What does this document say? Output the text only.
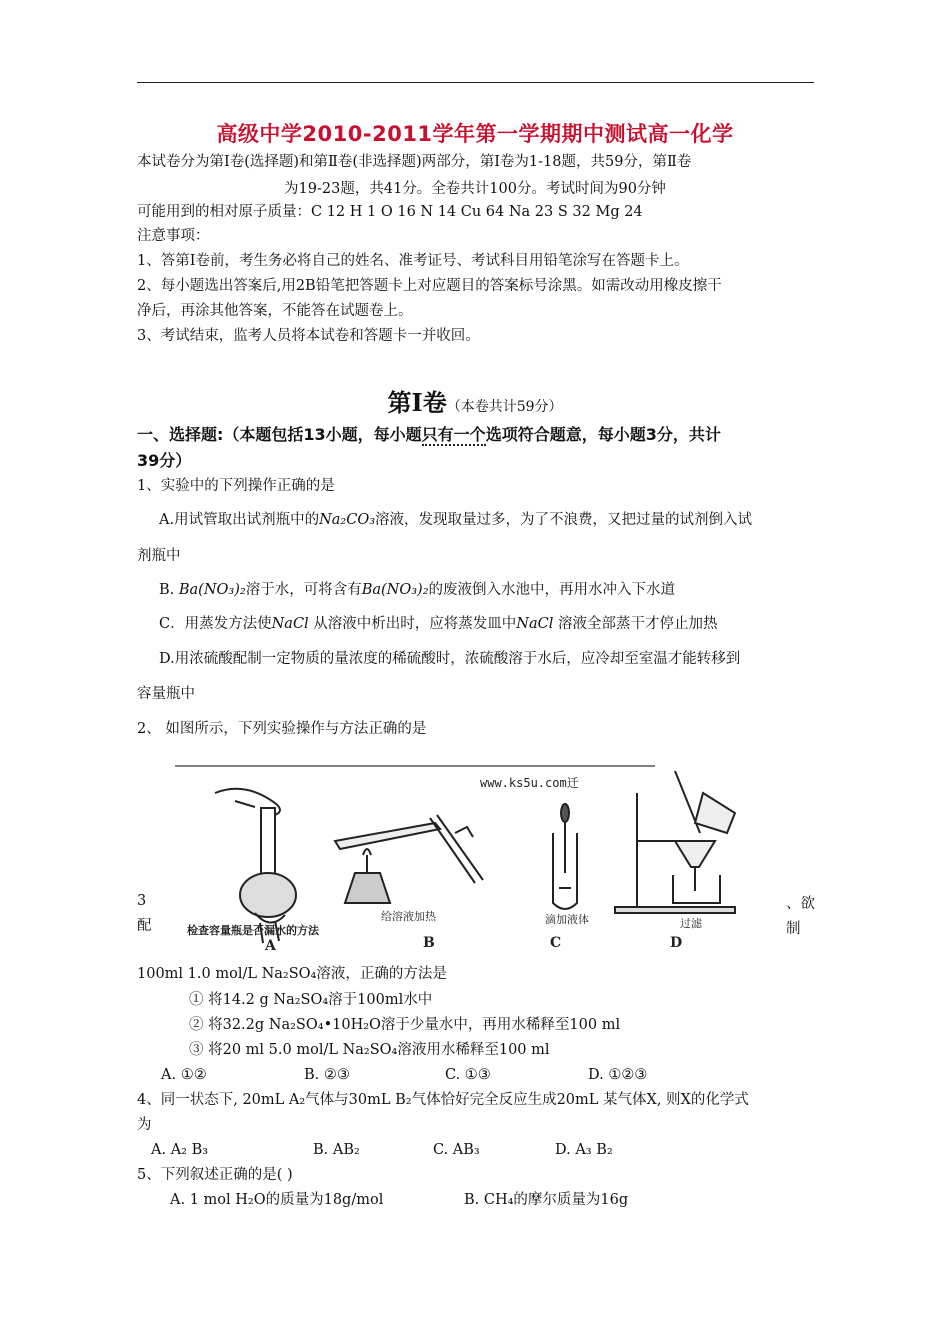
高级中学2010-2011学年第一学期期中测试高一化学
本试卷分为第Ⅰ卷(选择题)和第Ⅱ卷(非选择题)两部分，第Ⅰ卷为1-18题，共59分，第Ⅱ卷
为19-23题，共41分。全卷共计100分。考试时间为90分钟
可能用到的相对原子质量：C 12 H 1 O 16 N 14 Cu 64 Na 23 S 32 Mg 24
注意事项：
1、答第Ⅰ卷前，考生务必将自己的姓名、准考证号、考试科目用铅笔涂写在答题卡上。
2、每小题选出答案后,用2B铅笔把答题卡上对应题目的答案标号涂黑。如需改动用橡皮擦干
净后，再涂其他答案，不能答在试题卷上。
3、考试结束，监考人员将本试卷和答题卡一并收回。
第Ⅰ卷（本卷共计59分）
一、选择题:（本题包括13小题，每小题只有一个选项符合题意，每小题3分，共计
39分）
1、实验中的下列操作正确的是
A.用试管取出试剂瓶中的Na₂CO₃溶液，发现取量过多，为了不浪费，又把过量的试剂倒入试
剂瓶中
B. Ba(NO₃)₂溶于水，可将含有Ba(NO₃)₂的废液倒入水池中，再用水冲入下水道
C．用蒸发方法使NaCl 从溶液中析出时，应将蒸发皿中NaCl 溶液全部蒸干才停止加热
D.用浓硫酸配制一定物质的量浓度的稀硫酸时，浓硫酸溶于水后，应冷却至室温才能转移到
容量瓶中
2、 如图所示，下列实验操作与方法正确的是
www.ks5u.com迁
检查容量瓶是否漏水的方法
给溶液加热	滴加液体	过滤
A	B	C	D
3
配
、欲
制
100ml 1.0 mol/L Na₂SO₄溶液，正确的方法是
① 将14.2 g Na₂SO₄溶于100ml水中
② 将32.2g Na₂SO₄•10H₂O溶于少量水中，再用水稀释至100 ml
③ 将20 ml 5.0 mol/L Na₂SO₄溶液用水稀释至100 ml
A. ①②	B. ②③	C. ①③	D. ①②③
4、同一状态下, 20mL A₂气体与30mL B₂气体恰好完全反应生成20mL 某气体X, 则X的化学式
为
A. A₂ B₃	B. AB₂	C. AB₃	D. A₃ B₂
5、下列叙述正确的是( )
A. 1 mol H₂O的质量为18g/mol	B. CH₄的摩尔质量为16g
